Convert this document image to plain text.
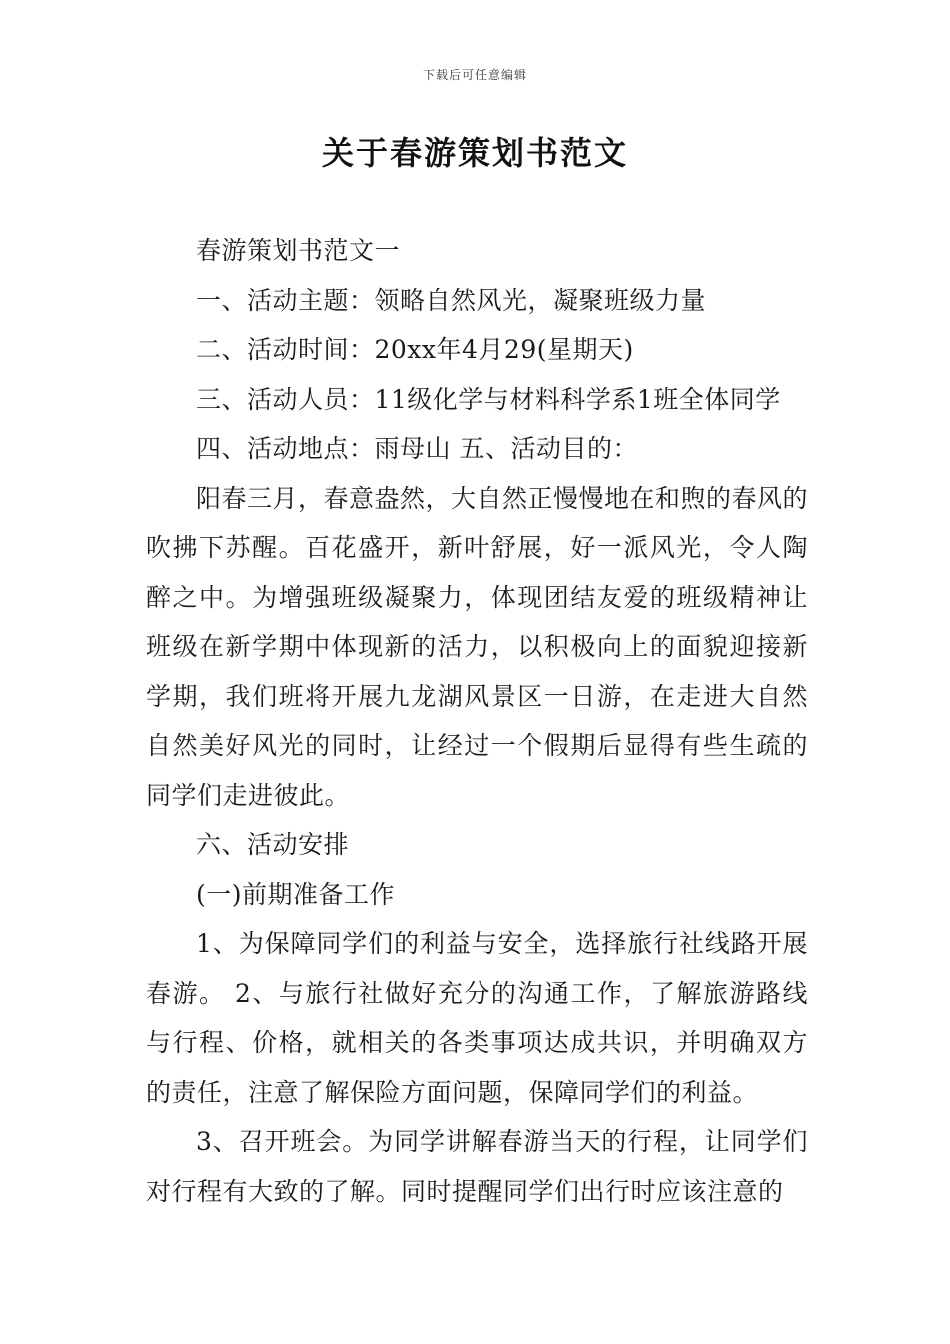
下载后可任意编辑
关于春游策划书范文

春游策划书范文一

一、活动主题：领略自然风光，凝聚班级力量

二、活动时间：20xx年4月29(星期天)

三、活动人员：11级化学与材料科学系1班全体同学

四、活动地点：雨母山 五、活动目的：

阳春三月，春意盎然，大自然正慢慢地在和煦的春风的吹拂下苏醒。百花盛开，新叶舒展，好一派风光，令人陶醉之中。为增强班级凝聚力，体现团结友爱的班级精神让班级在新学期中体现新的活力，以积极向上的面貌迎接新学期，我们班将开展九龙湖风景区一日游，在走进大自然自然美好风光的同时，让经过一个假期后显得有些生疏的同学们走进彼此。

六、活动安排

(一)前期准备工作

1、为保障同学们的利益与安全，选择旅行社线路开展春游。 2、与旅行社做好充分的沟通工作，了解旅游路线与行程、价格，就相关的各类事项达成共识，并明确双方的责任，注意了解保险方面问题，保障同学们的利益。

3、召开班会。为同学讲解春游当天的行程，让同学们对行程有大致的了解。同时提醒同学们出行时应该注意的
